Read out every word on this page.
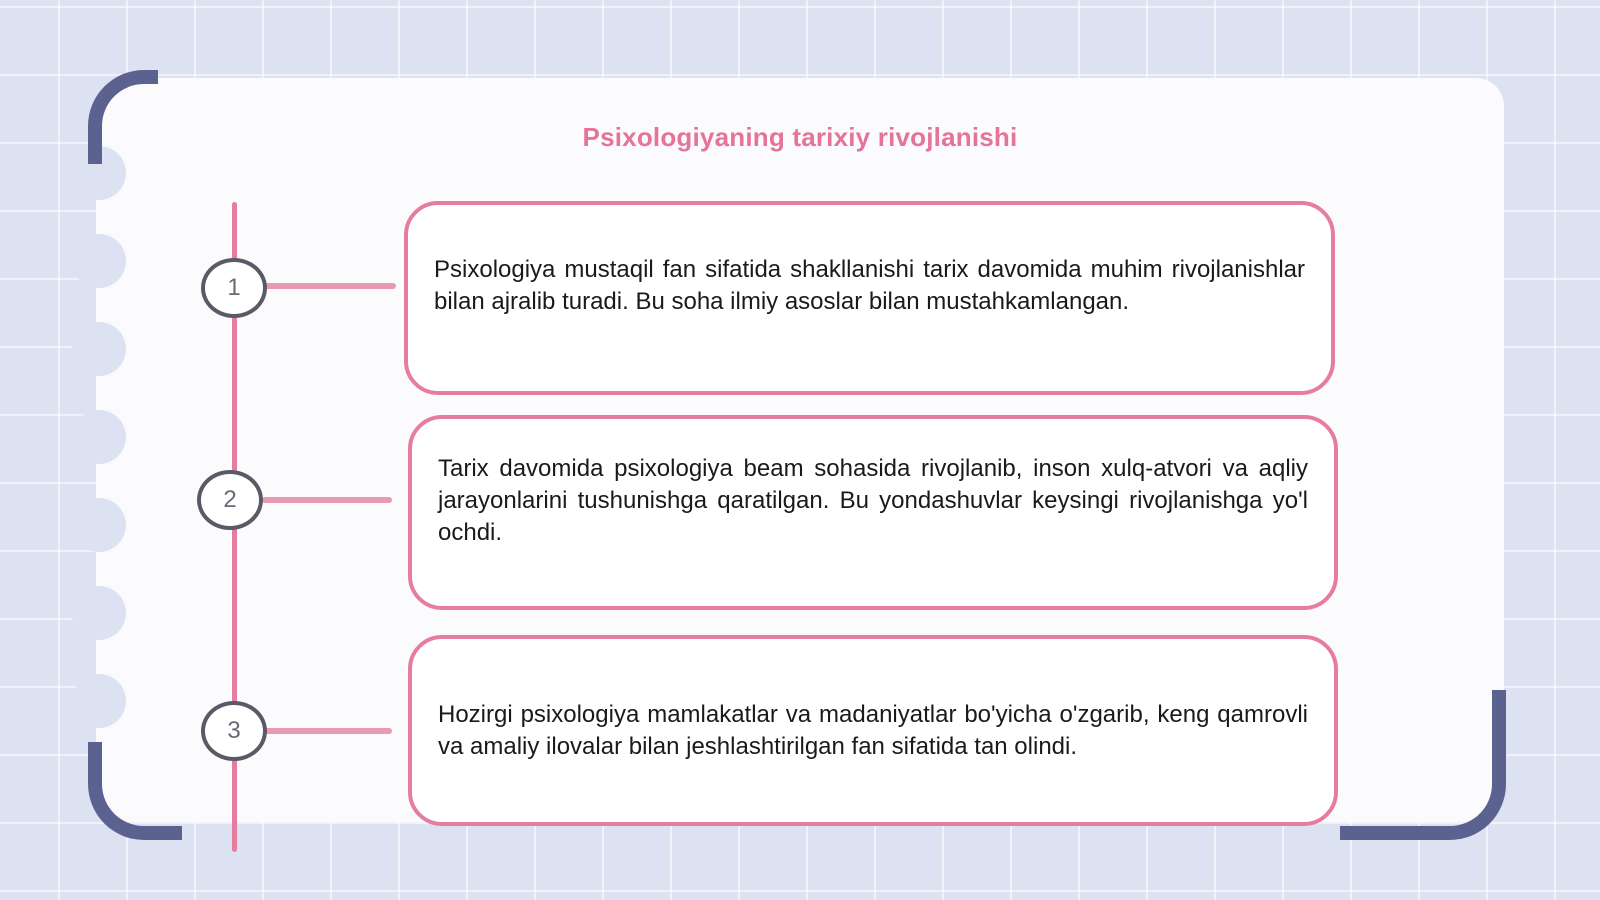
Psixologiyaning tarixiy rivojlanishi
1
2
3
Psixologiya mustaqil fan sifatida shakllanishi tarix davomida muhim rivojlanishlar bilan ajralib turadi. Bu soha ilmiy asoslar bilan mustahkamlangan.
Tarix davomida psixologiya beam sohasida rivojlanib, inson xulq-atvori va aqliy jarayonlarini tushunishga qaratilgan. Bu yondashuvlar keysingi rivojlanishga yo'l ochdi.
Hozirgi psixologiya mamlakatlar va madaniyatlar bo'yicha o'zgarib, keng qamrovli va amaliy ilovalar bilan jeshlashtirilgan fan sifatida tan olindi.
